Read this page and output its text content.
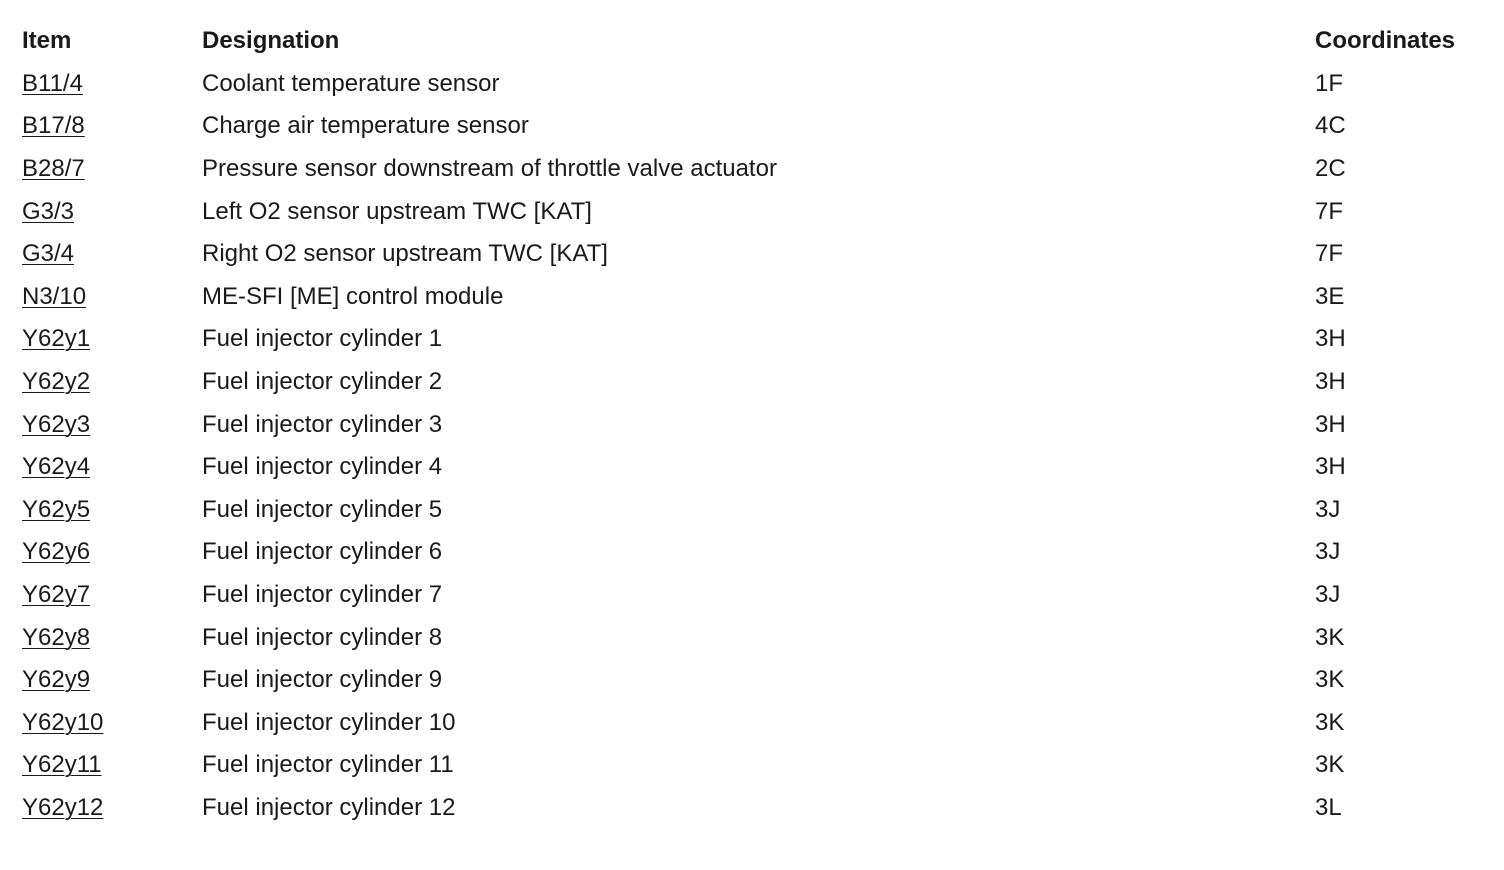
Item	Designation	Coordinates
B11/4	Coolant temperature sensor	1F
B17/8	Charge air temperature sensor	4C
B28/7	Pressure sensor downstream of throttle valve actuator	2C
G3/3	Left O2 sensor upstream TWC [KAT]	7F
G3/4	Right O2 sensor upstream TWC [KAT]	7F
N3/10	ME-SFI [ME] control module	3E
Y62y1	Fuel injector cylinder 1	3H
Y62y2	Fuel injector cylinder 2	3H
Y62y3	Fuel injector cylinder 3	3H
Y62y4	Fuel injector cylinder 4	3H
Y62y5	Fuel injector cylinder 5	3J
Y62y6	Fuel injector cylinder 6	3J
Y62y7	Fuel injector cylinder 7	3J
Y62y8	Fuel injector cylinder 8	3K
Y62y9	Fuel injector cylinder 9	3K
Y62y10	Fuel injector cylinder 10	3K
Y62y11	Fuel injector cylinder 11	3K
Y62y12	Fuel injector cylinder 12	3L
